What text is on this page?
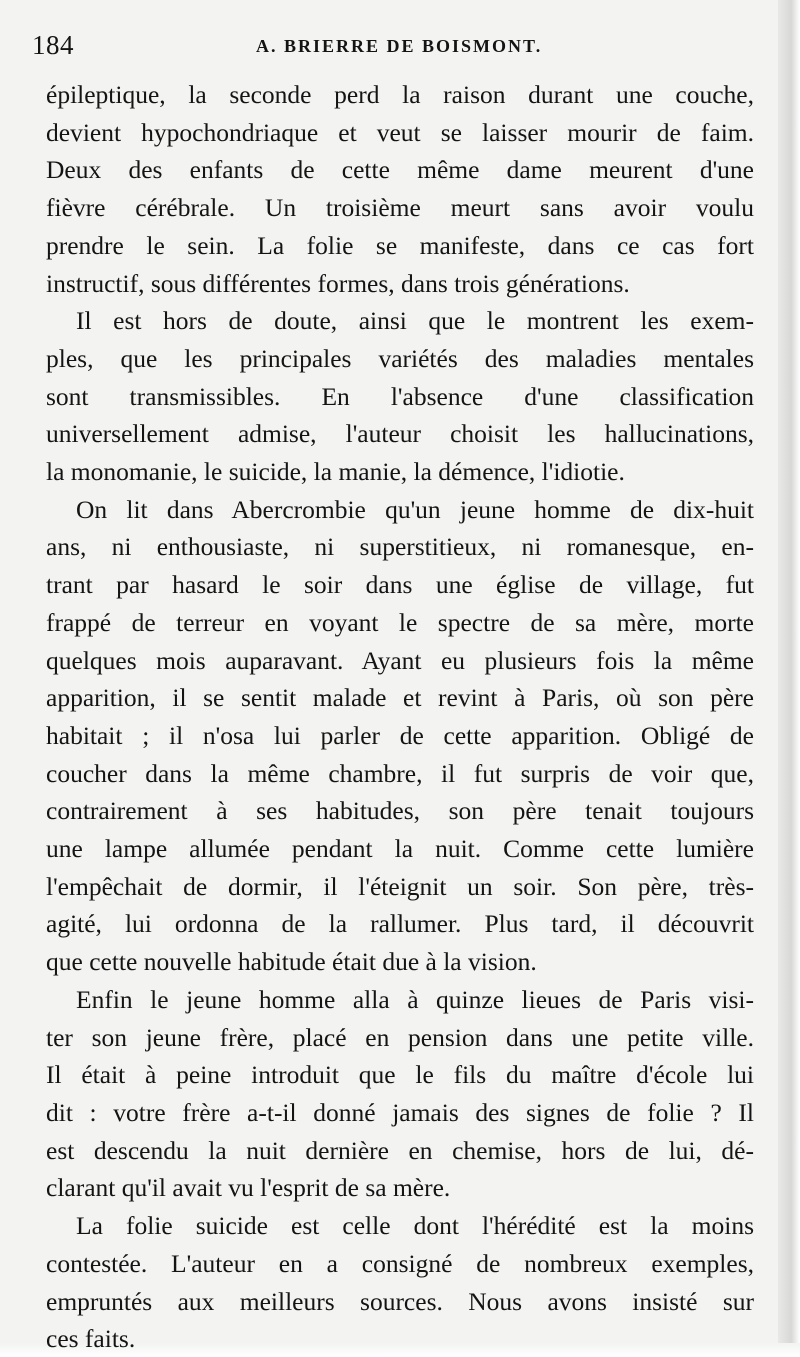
184	A. BRIERRE DE BOISMONT.
épileptique, la seconde perd la raison durant une couche,
devient hypochondriaque et veut se laisser mourir de faim.
Deux des enfants de cette même dame meurent d'une
fièvre cérébrale. Un troisième meurt sans avoir voulu
prendre le sein. La folie se manifeste, dans ce cas fort
instructif, sous différentes formes, dans trois générations.
Il est hors de doute, ainsi que le montrent les exem-
ples, que les principales variétés des maladies mentales
sont transmissibles. En l'absence d'une classification
universellement admise, l'auteur choisit les hallucinations,
la monomanie, le suicide, la manie, la démence, l'idiotie.
On lit dans Abercrombie qu'un jeune homme de dix-huit
ans, ni enthousiaste, ni superstitieux, ni romanesque, en-
trant par hasard le soir dans une église de village, fut
frappé de terreur en voyant le spectre de sa mère, morte
quelques mois auparavant. Ayant eu plusieurs fois la même
apparition, il se sentit malade et revint à Paris, où son père
habitait ; il n'osa lui parler de cette apparition. Obligé de
coucher dans la même chambre, il fut surpris de voir que,
contrairement à ses habitudes, son père tenait toujours
une lampe allumée pendant la nuit. Comme cette lumière
l'empêchait de dormir, il l'éteignit un soir. Son père, très-
agité, lui ordonna de la rallumer. Plus tard, il découvrit
que cette nouvelle habitude était due à la vision.
Enfin le jeune homme alla à quinze lieues de Paris visi-
ter son jeune frère, placé en pension dans une petite ville.
Il était à peine introduit que le fils du maître d'école lui
dit : votre frère a-t-il donné jamais des signes de folie ? Il
est descendu la nuit dernière en chemise, hors de lui, dé-
clarant qu'il avait vu l'esprit de sa mère.
La folie suicide est celle dont l'hérédité est la moins
contestée. L'auteur en a consigné de nombreux exemples,
empruntés aux meilleurs sources. Nous avons insisté sur
ces faits.
